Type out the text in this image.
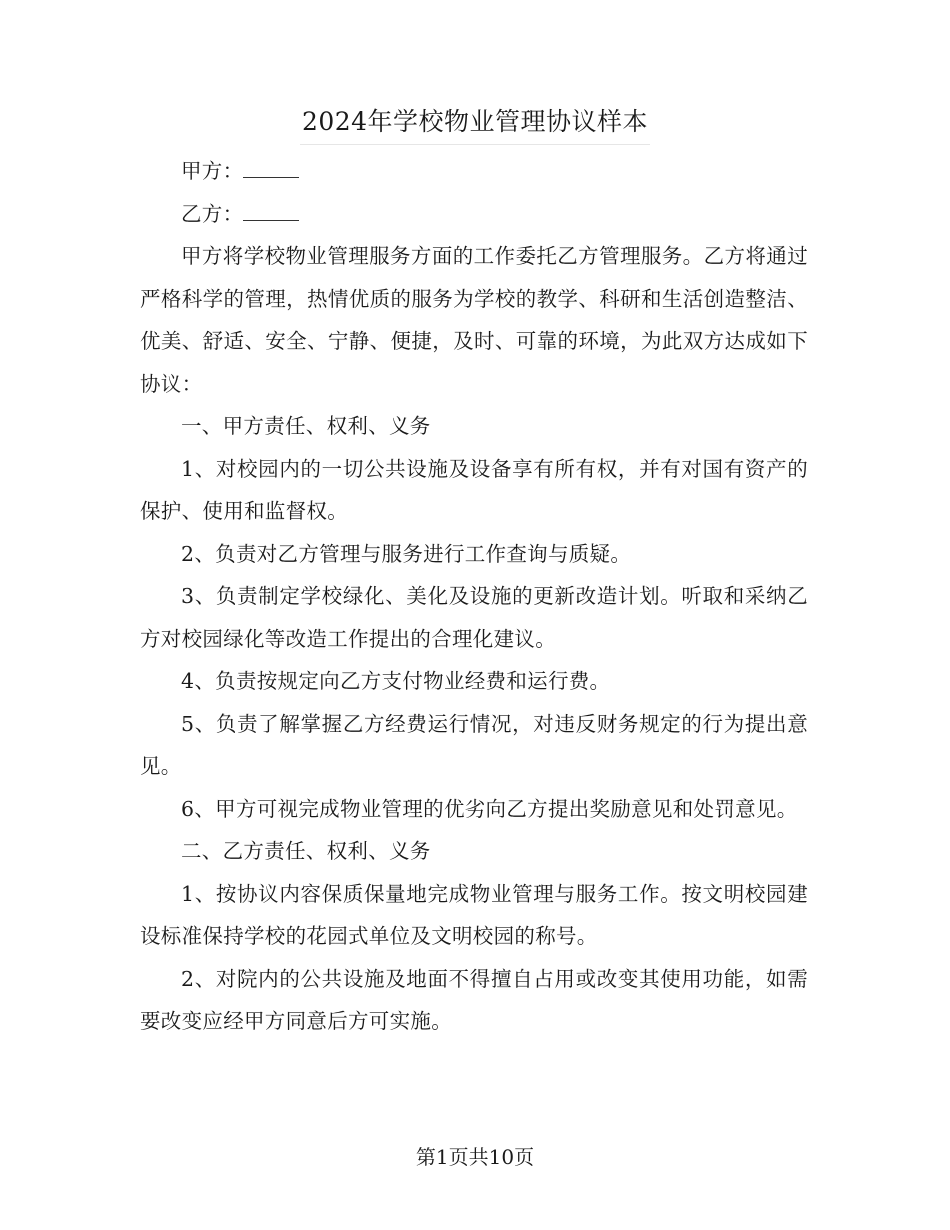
2024年学校物业管理协议样本

甲方：

乙方：

甲方将学校物业管理服务方面的工作委托乙方管理服务。乙方将通过严格科学的管理，热情优质的服务为学校的教学、科研和生活创造整洁、优美、舒适、安全、宁静、便捷，及时、可靠的环境，为此双方达成如下协议：

一、甲方责任、权利、义务

1、对校园内的一切公共设施及设备享有所有权，并有对国有资产的保护、使用和监督权。

2、负责对乙方管理与服务进行工作查询与质疑。

3、负责制定学校绿化、美化及设施的更新改造计划。听取和采纳乙方对校园绿化等改造工作提出的合理化建议。

4、负责按规定向乙方支付物业经费和运行费。

5、负责了解掌握乙方经费运行情况，对违反财务规定的行为提出意见。

6、甲方可视完成物业管理的优劣向乙方提出奖励意见和处罚意见。

二、乙方责任、权利、义务

1、按协议内容保质保量地完成物业管理与服务工作。按文明校园建设标准保持学校的花园式单位及文明校园的称号。

2、对院内的公共设施及地面不得擅自占用或改变其使用功能，如需要改变应经甲方同意后方可实施。

第1页共10页
